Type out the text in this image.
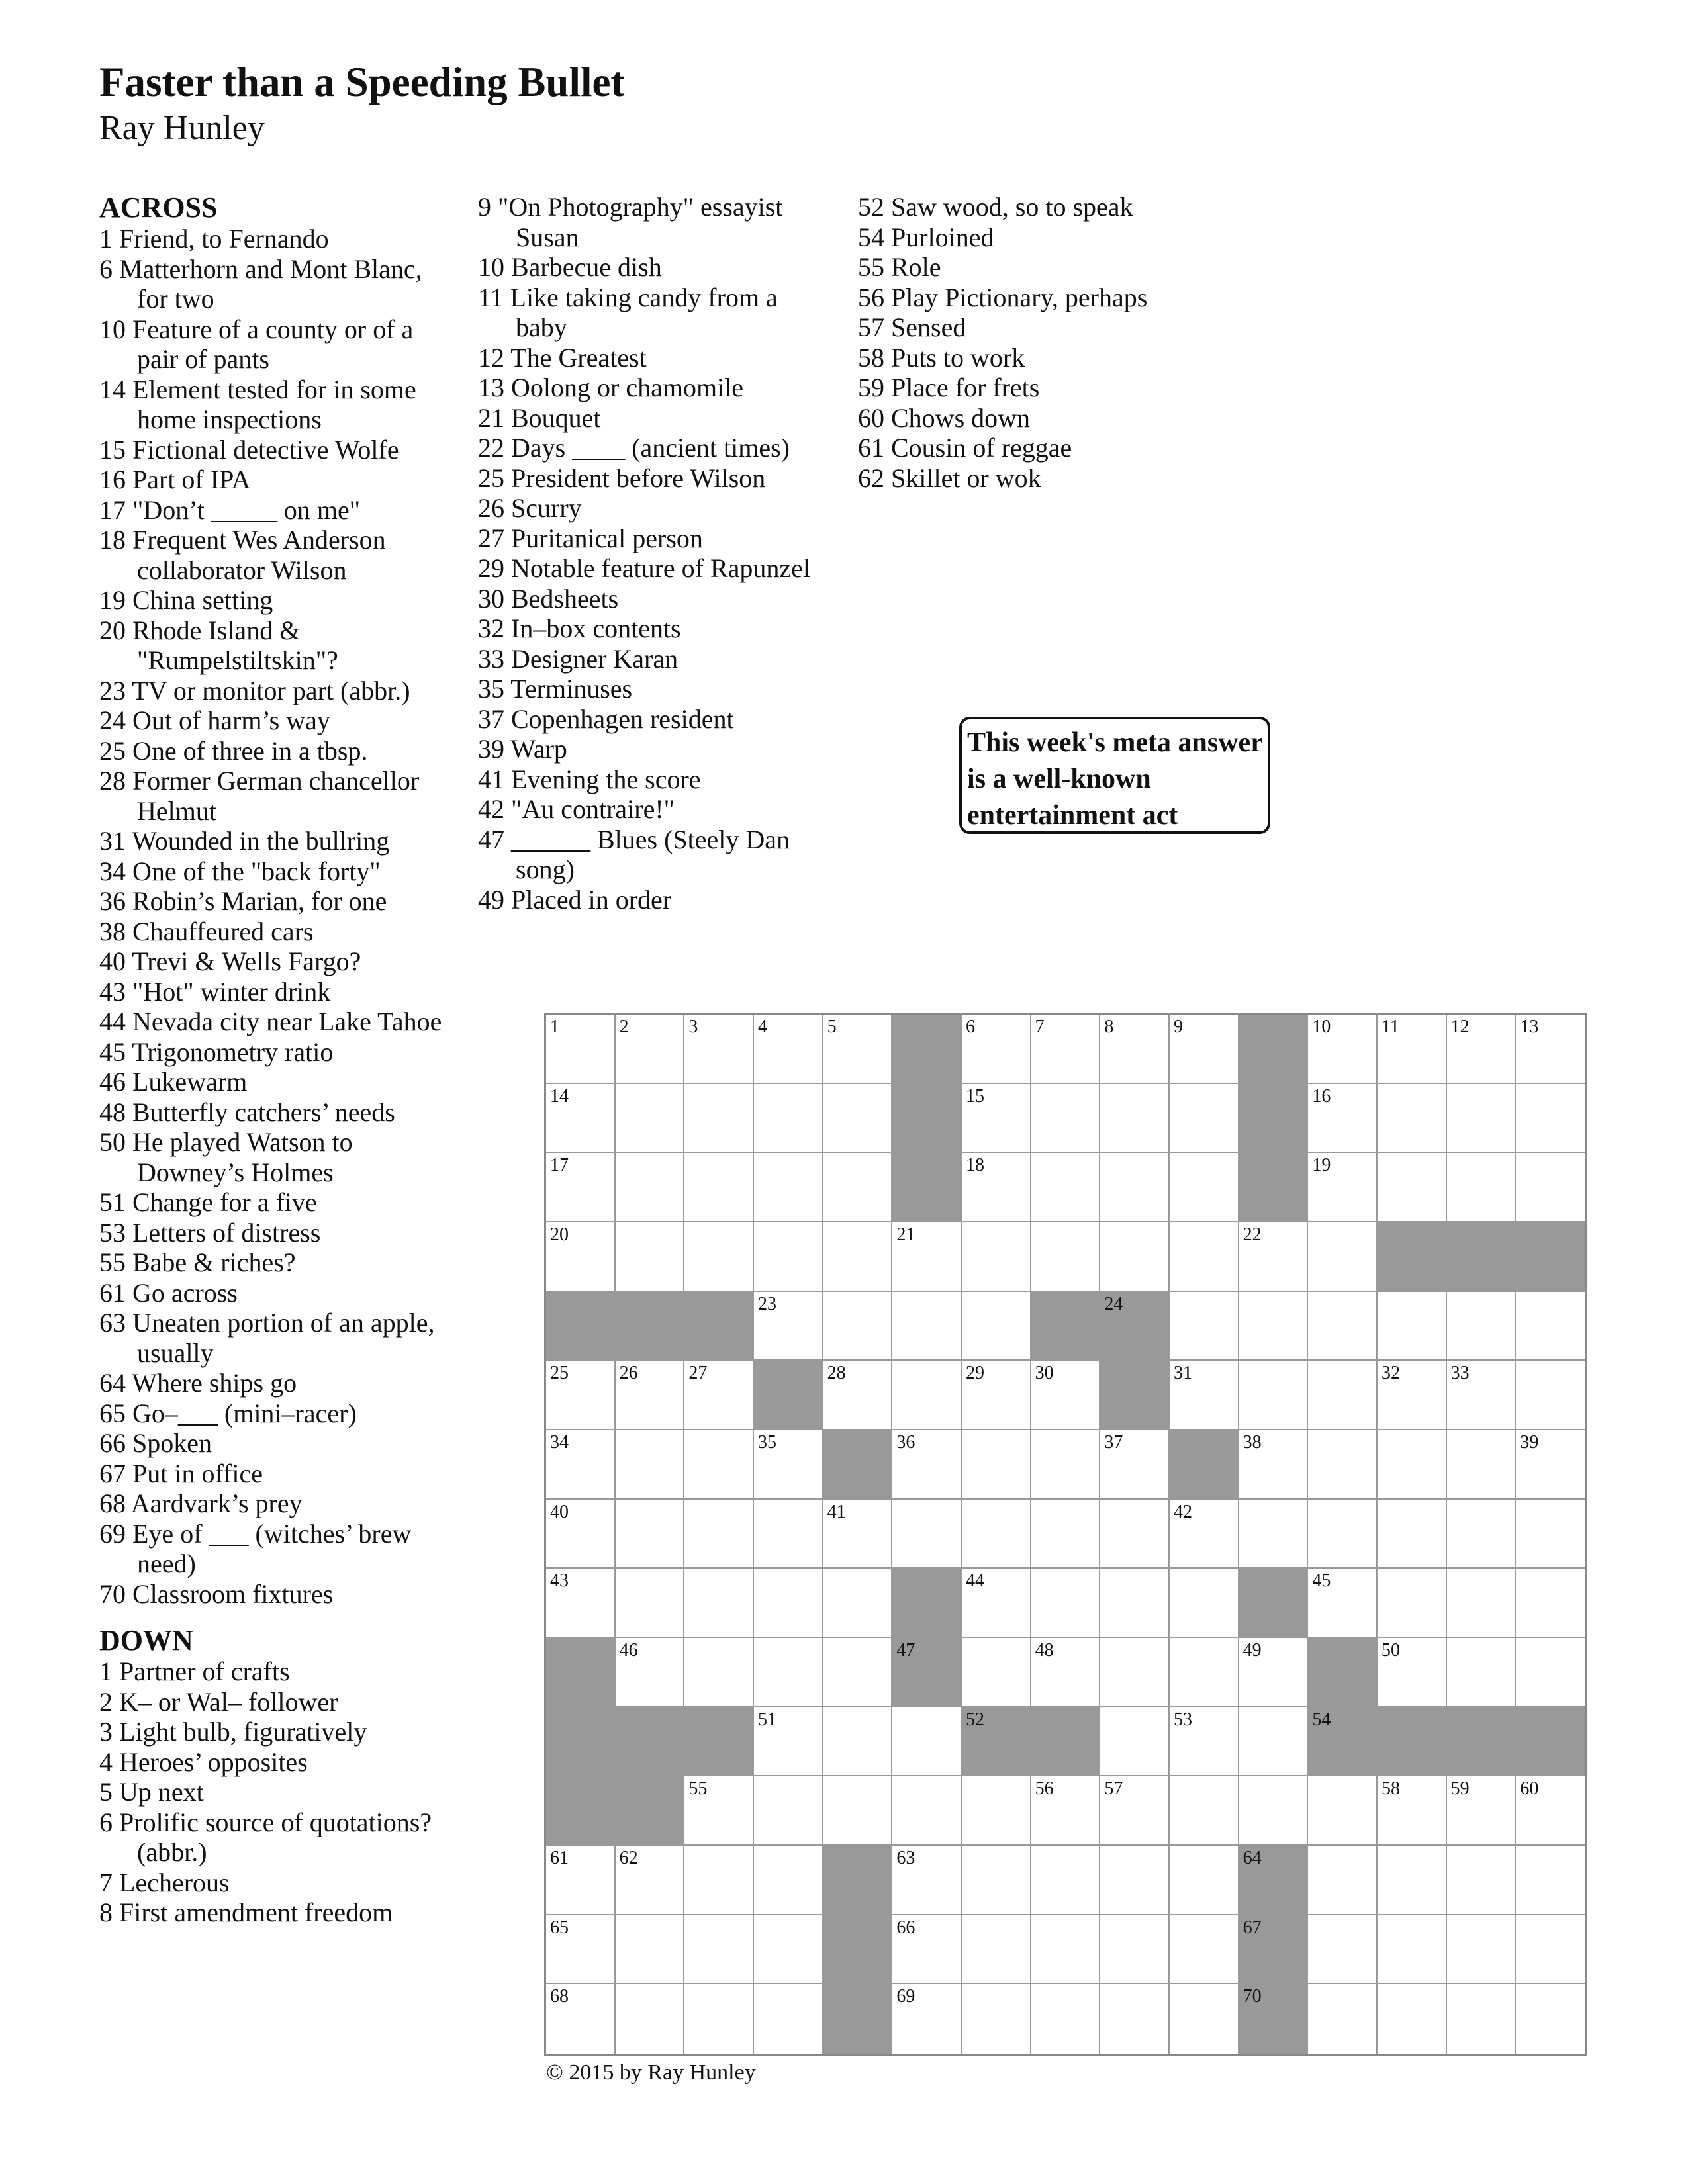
Faster than a Speeding Bullet
Ray Hunley
ACROSS
1 Friend, to Fernando
6 Matterhorn and Mont Blanc, for two
10 Feature of a county or of a pair of pants
14 Element tested for in some home inspections
15 Fictional detective Wolfe
16 Part of IPA
17 "Don’t _____ on me"
18 Frequent Wes Anderson collaborator Wilson
19 China setting
20 Rhode Island & "Rumpelstiltskin"?
23 TV or monitor part (abbr.)
24 Out of harm’s way
25 One of three in a tbsp.
28 Former German chancellor Helmut
31 Wounded in the bullring
34 One of the "back forty"
36 Robin’s Marian, for one
38 Chauffeured cars
40 Trevi & Wells Fargo?
43 "Hot" winter drink
44 Nevada city near Lake Tahoe
45 Trigonometry ratio
46 Lukewarm
48 Butterfly catchers’ needs
50 He played Watson to Downey’s Holmes
51 Change for a five
53 Letters of distress
55 Babe & riches?
61 Go across
63 Uneaten portion of an apple, usually
64 Where ships go
65 Go–___ (mini–racer)
66 Spoken
67 Put in office
68 Aardvark’s prey
69 Eye of ___ (witches’ brew need)
70 Classroom fixtures
DOWN
1 Partner of crafts
2 K– or Wal– follower
3 Light bulb, figuratively
4 Heroes’ opposites
5 Up next
6 Prolific source of quotations? (abbr.)
7 Lecherous
8 First amendment freedom
9 "On Photography" essayist Susan
10 Barbecue dish
11 Like taking candy from a baby
12 The Greatest
13 Oolong or chamomile
21 Bouquet
22 Days ____ (ancient times)
25 President before Wilson
26 Scurry
27 Puritanical person
29 Notable feature of Rapunzel
30 Bedsheets
32 In–box contents
33 Designer Karan
35 Terminuses
37 Copenhagen resident
39 Warp
41 Evening the score
42 "Au contraire!"
47 ______ Blues (Steely Dan song)
49 Placed in order
52 Saw wood, so to speak
54 Purloined
55 Role
56 Play Pictionary, perhaps
57 Sensed
58 Puts to work
59 Place for frets
60 Chows down
61 Cousin of reggae
62 Skillet or wok
This week's meta answer is a well-known entertainment act
1	2	3	4	5	6	7	8	9	10	11	12	13
14	15	16
17	18	19
20	21	22
23	24
25	26	27	28	29	30	31	32	33
34	35	36	37	38	39
40	41	42
43	44	45
46	47	48	49	50
51	52	53	54
55	56	57	58	59	60
61	62	63	64
65	66	67
68	69	70
© 2015 by Ray Hunley
